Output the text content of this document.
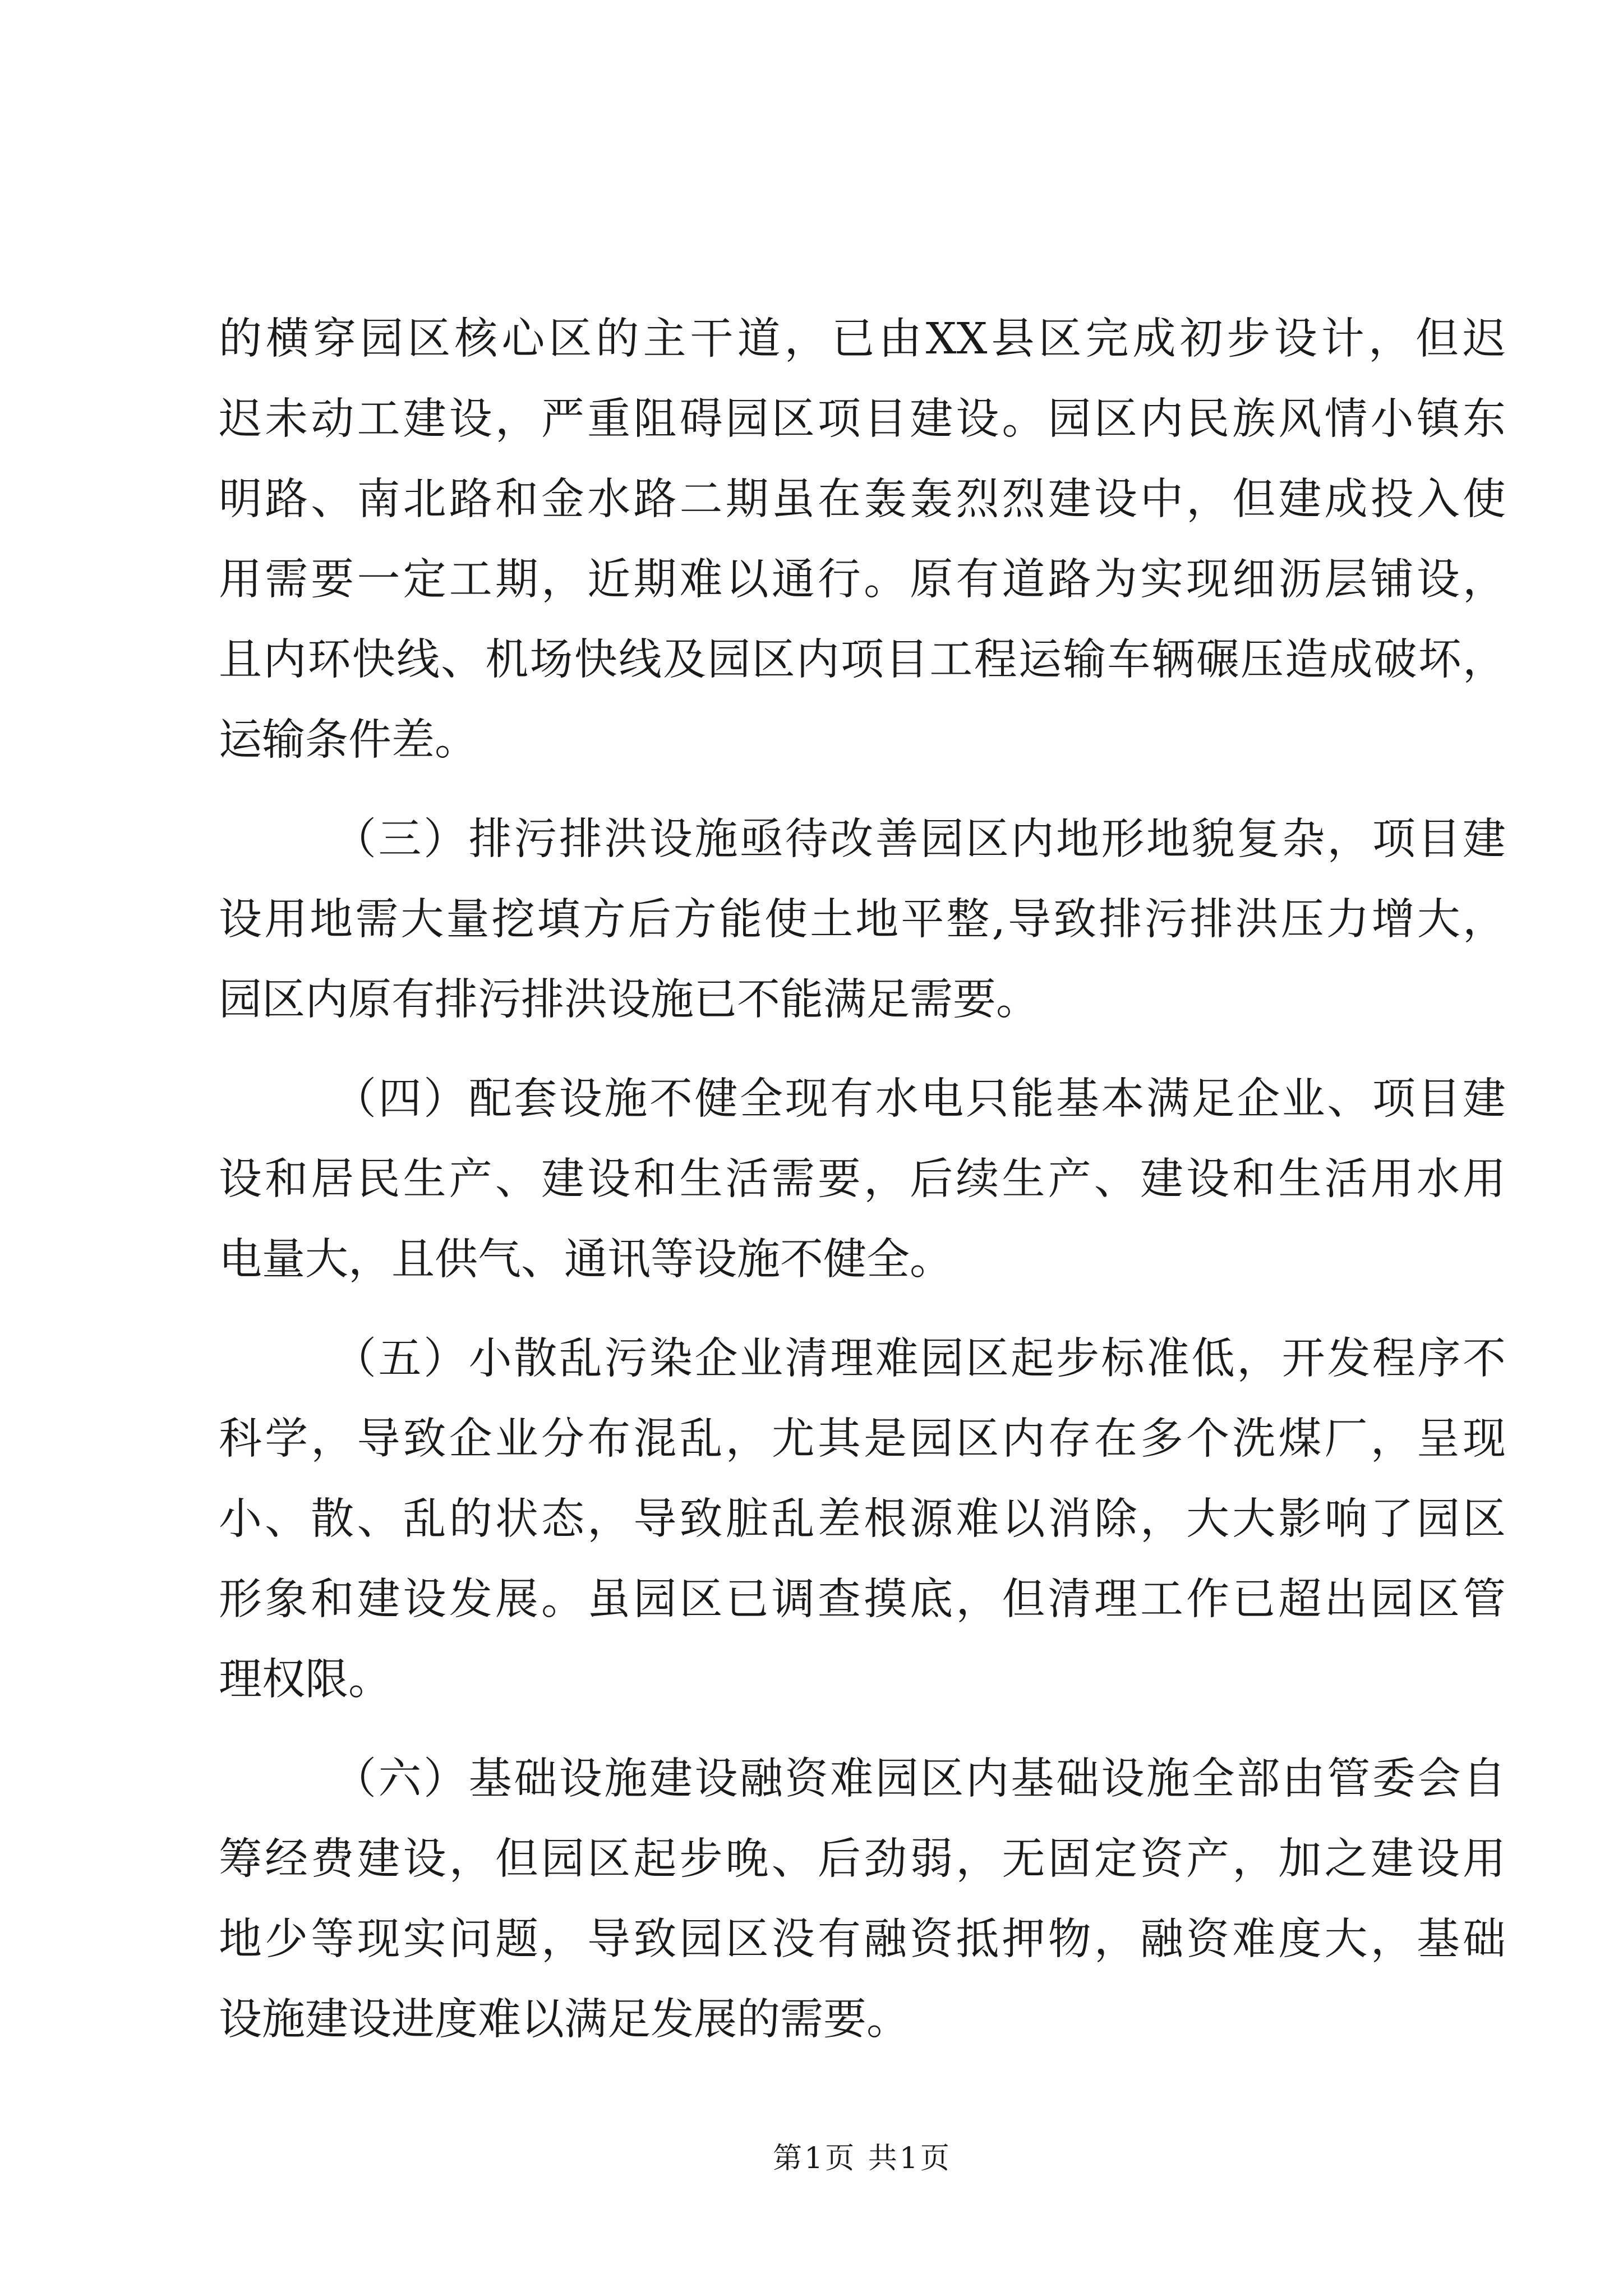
的横穿园区核心区的主干道，已由XX县区完成初步设计，但迟
迟未动工建设，严重阻碍园区项目建设。园区内民族风情小镇东
明路、南北路和金水路二期虽在轰轰烈烈建设中，但建成投入使
用需要一定工期，近期难以通行。原有道路为实现细沥层铺设，
且内环快线、机场快线及园区内项目工程运输车辆碾压造成破坏，
运输条件差。
（三）排污排洪设施亟待改善园区内地形地貌复杂，项目建
设用地需大量挖填方后方能使土地平整,导致排污排洪压力增大，
园区内原有排污排洪设施已不能满足需要。
（四）配套设施不健全现有水电只能基本满足企业、项目建
设和居民生产、建设和生活需要，后续生产、建设和生活用水用
电量大，且供气、通讯等设施不健全。
（五）小散乱污染企业清理难园区起步标准低，开发程序不
科学，导致企业分布混乱，尤其是园区内存在多个洗煤厂，呈现
小、散、乱的状态，导致脏乱差根源难以消除，大大影响了园区
形象和建设发展。虽园区已调查摸底，但清理工作已超出园区管
理权限。
（六）基础设施建设融资难园区内基础设施全部由管委会自
筹经费建设，但园区起步晚、后劲弱，无固定资产，加之建设用
地少等现实问题，导致园区没有融资抵押物，融资难度大，基础
设施建设进度难以满足发展的需要。
第1页 共1页
